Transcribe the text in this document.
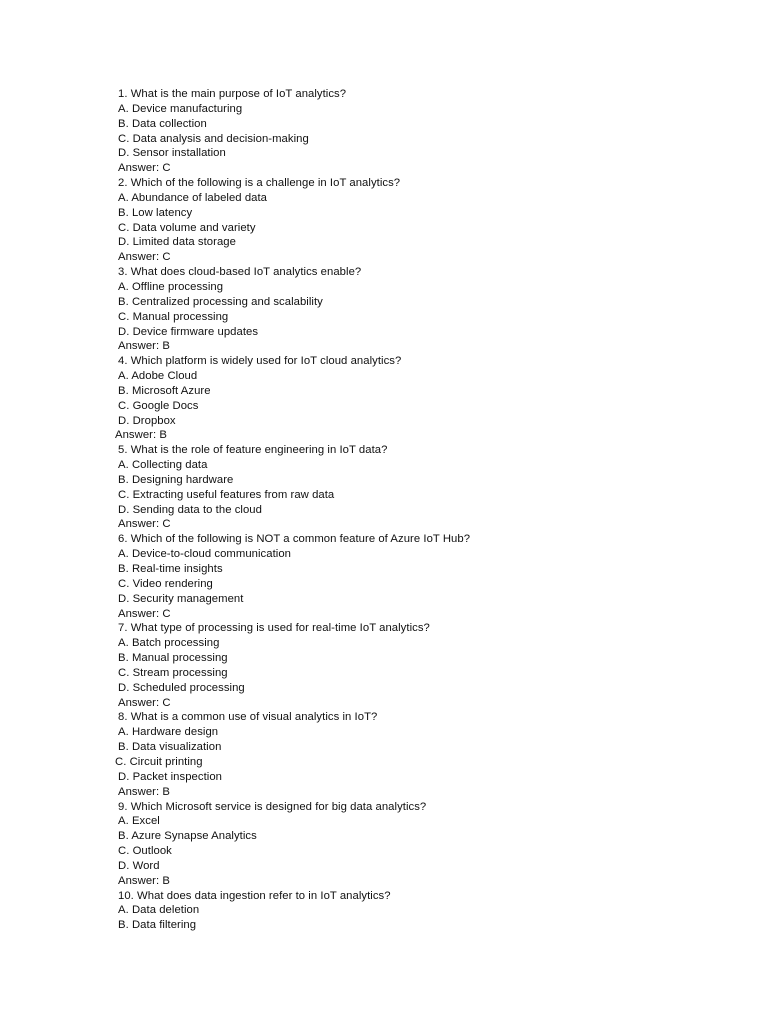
1. What is the main purpose of IoT analytics?
A. Device manufacturing
B. Data collection
C. Data analysis and decision-making
D. Sensor installation
Answer: C
2. Which of the following is a challenge in IoT analytics?
A. Abundance of labeled data
B. Low latency
C. Data volume and variety
D. Limited data storage
Answer: C
3. What does cloud-based IoT analytics enable?
A. Offline processing
B. Centralized processing and scalability
C. Manual processing
D. Device firmware updates
Answer: B
4. Which platform is widely used for IoT cloud analytics?
A. Adobe Cloud
B. Microsoft Azure
C. Google Docs
D. Dropbox
Answer: B
5. What is the role of feature engineering in IoT data?
A. Collecting data
B. Designing hardware
C. Extracting useful features from raw data
D. Sending data to the cloud
Answer: C
6. Which of the following is NOT a common feature of Azure IoT Hub?
A. Device-to-cloud communication
B. Real-time insights
C. Video rendering
D. Security management
Answer: C
7. What type of processing is used for real-time IoT analytics?
A. Batch processing
B. Manual processing
C. Stream processing
D. Scheduled processing
Answer: C
8. What is a common use of visual analytics in IoT?
A. Hardware design
B. Data visualization
C. Circuit printing
D. Packet inspection
Answer: B
9. Which Microsoft service is designed for big data analytics?
A. Excel
B. Azure Synapse Analytics
C. Outlook
D. Word
Answer: B
10. What does data ingestion refer to in IoT analytics?
A. Data deletion
B. Data filtering
